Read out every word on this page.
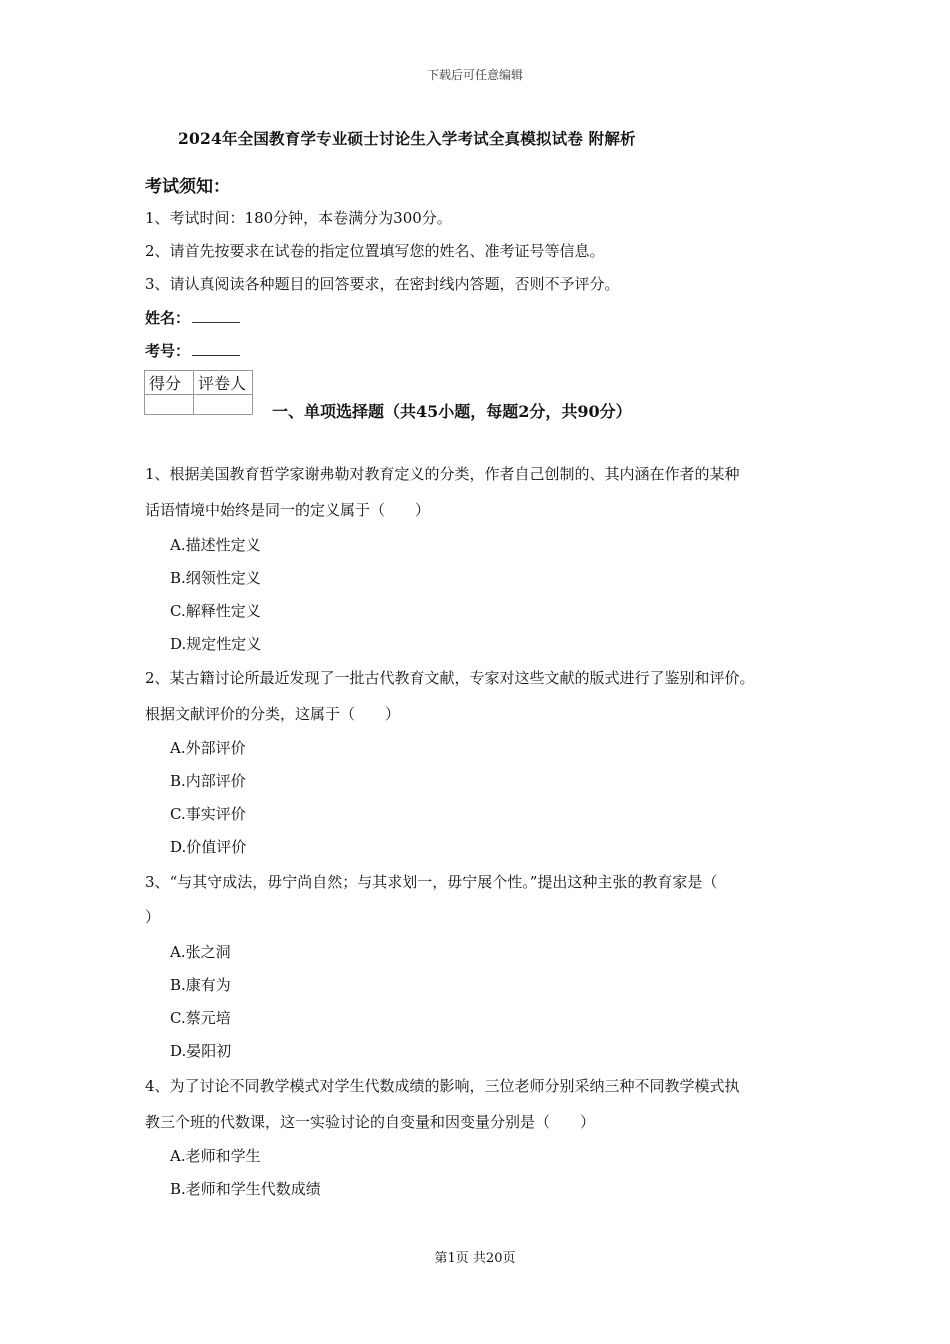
下载后可任意编辑
2024年全国教育学专业硕士讨论生入学考试全真模拟试卷 附解析
考试须知：
1、考试时间：180分钟，本卷满分为300分。
2、请首先按要求在试卷的指定位置填写您的姓名、准考证号等信息。
3、请认真阅读各种题目的回答要求，在密封线内答题，否则不予评分。
姓名：
考号：
得分	评卷人

一、单项选择题（共45小题，每题2分，共90分）
1、根据美国教育哲学家谢弗勒对教育定义的分类，作者自己创制的、其内涵在作者的某种
话语情境中始终是同一的定义属于（　　）
A.描述性定义
B.纲领性定义
C.解释性定义
D.规定性定义
2、某古籍讨论所最近发现了一批古代教育文献，专家对这些文献的版式进行了鉴别和评价。
根据文献评价的分类，这属于（　　）
A.外部评价
B.内部评价
C.事实评价
D.价值评价
3、“与其守成法，毋宁尚自然；与其求划一，毋宁展个性。”提出这种主张的教育家是（
）
A.张之洞
B.康有为
C.蔡元培
D.晏阳初
4、为了讨论不同教学模式对学生代数成绩的影响，三位老师分别采纳三种不同教学模式执
教三个班的代数课，这一实验讨论的自变量和因变量分别是（　　）
A.老师和学生
B.老师和学生代数成绩
第1页 共20页
